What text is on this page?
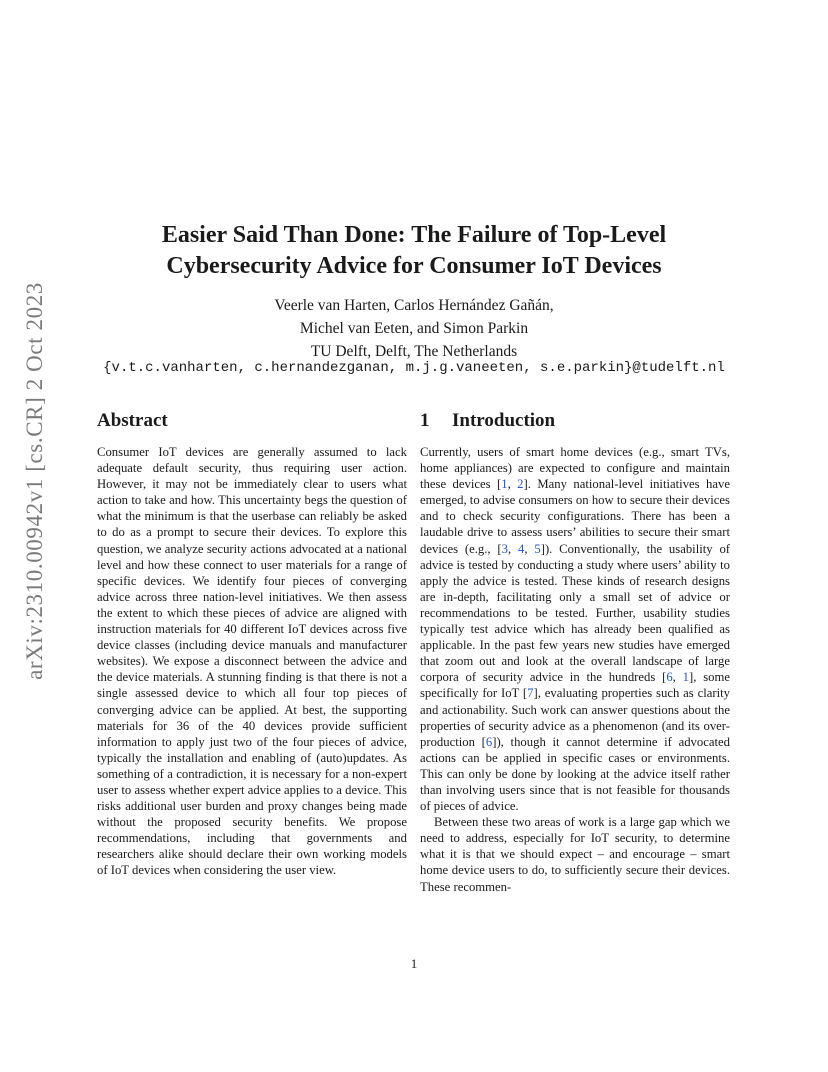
arXiv:2310.00942v1 [cs.CR] 2 Oct 2023
Easier Said Than Done: The Failure of Top-Level
Cybersecurity Advice for Consumer IoT Devices
Veerle van Harten, Carlos Hernández Gañán,
Michel van Eeten, and Simon Parkin
TU Delft, Delft, The Netherlands
{v.t.c.vanharten, c.hernandezganan, m.j.g.vaneeten, s.e.parkin}@tudelft.nl
Abstract
Consumer IoT devices are generally assumed to lack adequate default security, thus requiring user action. However, it may not be immediately clear to users what action to take and how. This uncertainty begs the question of what the minimum is that the userbase can reliably be asked to do as a prompt to secure their devices. To explore this question, we analyze security actions advocated at a national level and how these connect to user materials for a range of specific devices. We identify four pieces of converging advice across three nation-level initiatives. We then assess the extent to which these pieces of advice are aligned with instruction materials for 40 different IoT devices across five device classes (including device manuals and manufacturer websites). We expose a disconnect between the advice and the device materials. A stunning finding is that there is not a single assessed device to which all four top pieces of converging advice can be applied. At best, the supporting materials for 36 of the 40 devices provide sufficient information to apply just two of the four pieces of advice, typically the installation and enabling of (auto)updates. As something of a contradiction, it is necessary for a non-expert user to assess whether expert advice applies to a device. This risks additional user burden and proxy changes being made without the proposed security benefits. We propose recommendations, including that governments and researchers alike should declare their own working models of IoT devices when considering the user view.
1 Introduction
Currently, users of smart home devices (e.g., smart TVs, home appliances) are expected to configure and maintain these devices [1, 2]. Many national-level initiatives have emerged, to advise consumers on how to secure their devices and to check security configurations. There has been a laudable drive to assess users’ abilities to secure their smart devices (e.g., [3, 4, 5]). Conventionally, the usability of advice is tested by conducting a study where users’ ability to apply the advice is tested. These kinds of research designs are in-depth, facilitating only a small set of advice or recommendations to be tested. Further, usability studies typically test advice which has already been qualified as applicable. In the past few years new studies have emerged that zoom out and look at the overall landscape of large corpora of security advice in the hundreds [6, 1], some specifically for IoT [7], evaluating properties such as clarity and actionability. Such work can answer questions about the properties of security advice as a phenomenon (and its over-production [6]), though it cannot determine if advocated actions can be applied in specific cases or environments. This can only be done by looking at the advice itself rather than involving users since that is not feasible for thousands of pieces of advice.
Between these two areas of work is a large gap which we need to address, especially for IoT security, to determine what it is that we should expect – and encourage – smart home device users to do, to sufficiently secure their devices. These recommen-
1
